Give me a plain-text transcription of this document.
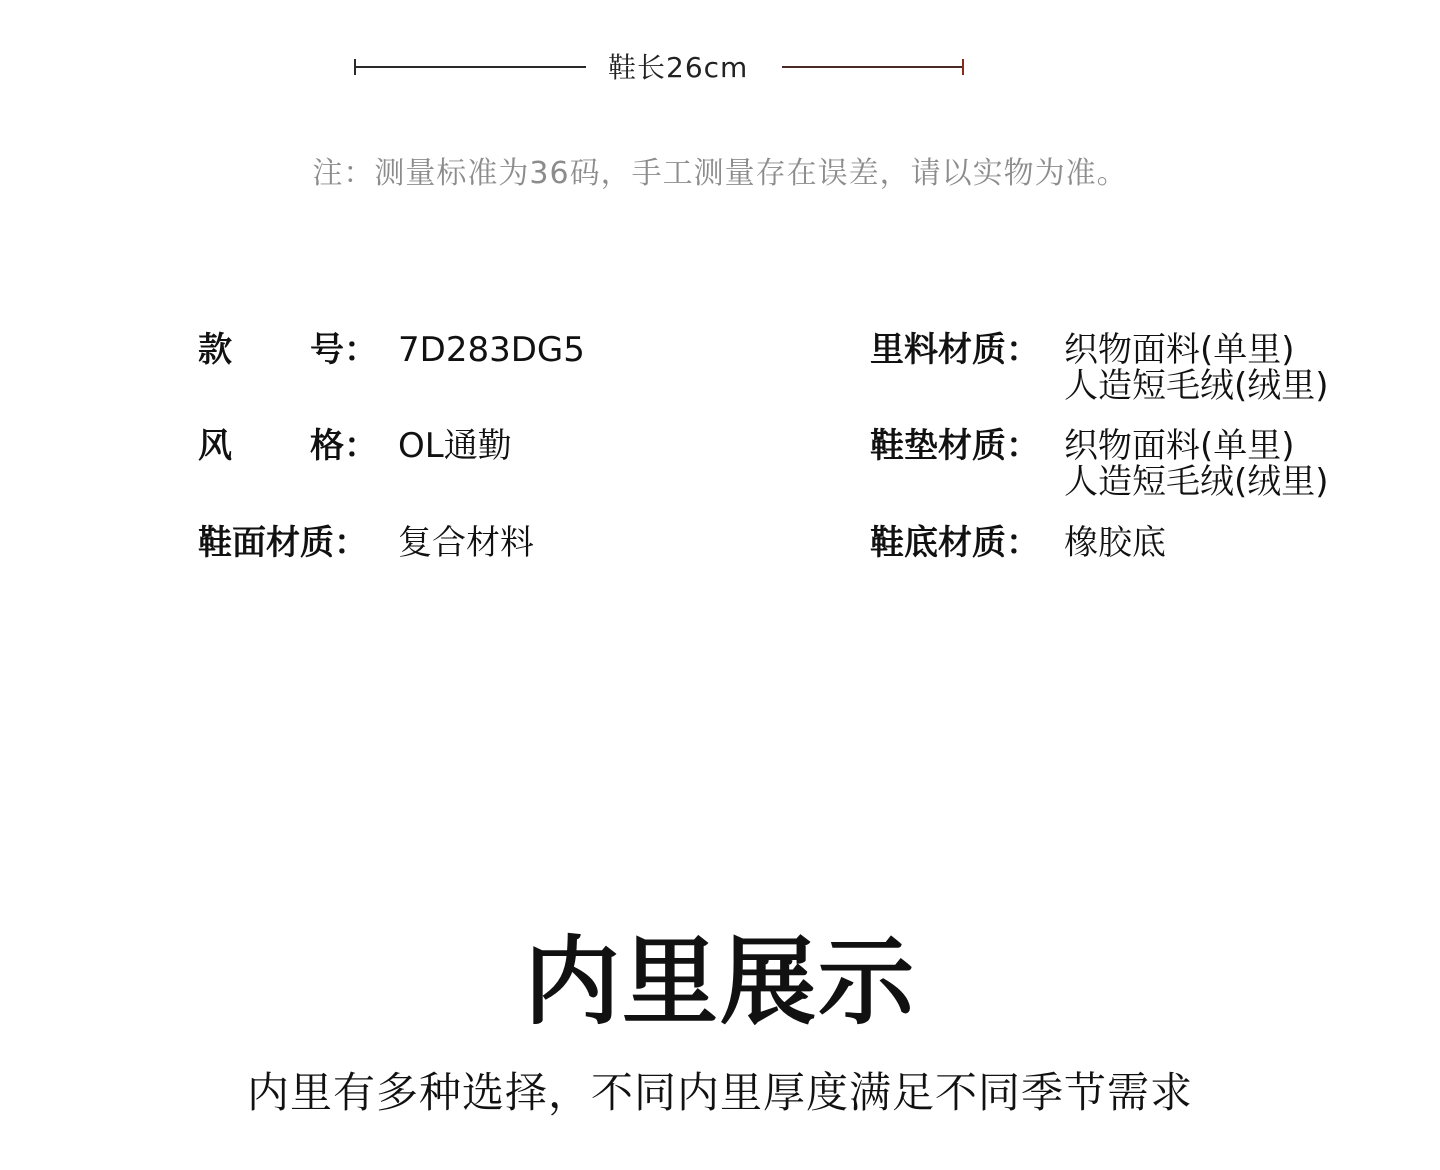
鞋长26cm
注：测量标准为36码，手工测量存在误差，请以实物为准。
款 号： 7D283DG5
风 格： OL通勤
鞋面材质： 复合材料
里料材质： 织物面料(单里)
人造短毛绒(绒里)
鞋垫材质： 织物面料(单里)
人造短毛绒(绒里)
鞋底材质： 橡胶底
内里展示
内里有多种选择，不同内里厚度满足不同季节需求
